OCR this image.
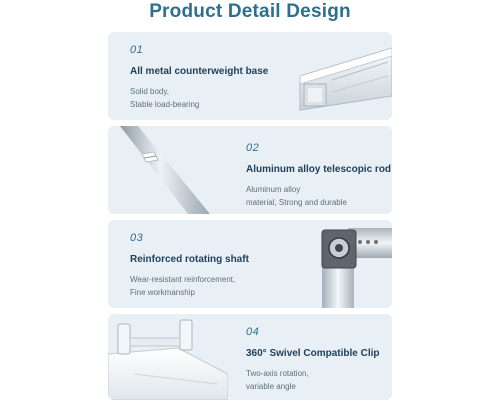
Product Detail Design
01
All metal counterweight base
Solid body,
Stable load-bearing
02
Aluminum alloy telescopic rod
Aluminum alloy
material, Strong and durable
03
Reinforced rotating shaft
Wear-resistant reinforcement,
Fine workmanship
04
360° Swivel Compatible Clip
Two-axis rotation,
variable angle
